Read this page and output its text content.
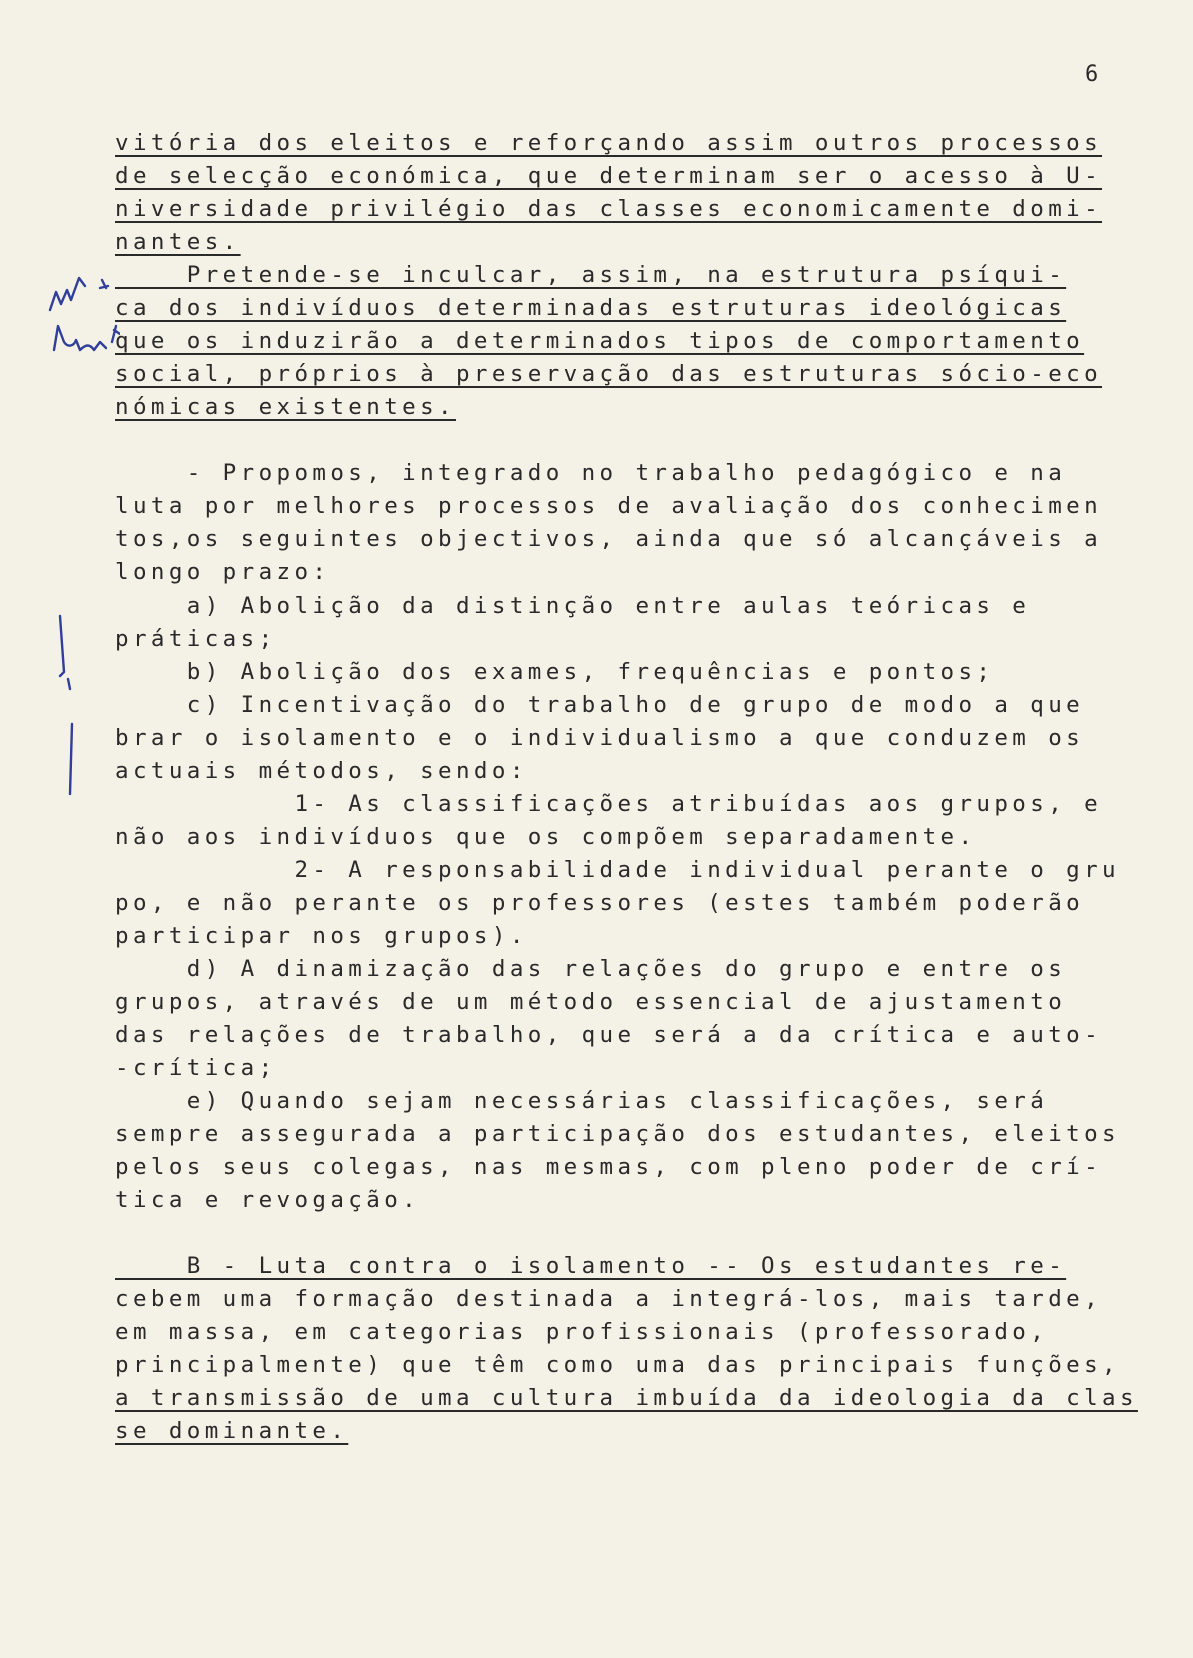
6
vitória dos eleitos e reforçando assim outros processos
de selecção económica, que determinam ser o acesso à U-
niversidade privilégio das classes economicamente domi-
nantes.
Pretende-se inculcar, assim, na estrutura psíqui-
ca dos indivíduos determinadas estruturas ideológicas
que os induzirão a determinados tipos de comportamento
social, próprios à preservação das estruturas sócio-eco
nómicas existentes.
- Propomos, integrado no trabalho pedagógico e na
luta por melhores processos de avaliação dos conhecimen
tos,os seguintes objectivos, ainda que só alcançáveis a
longo prazo:
a) Abolição da distinção entre aulas teóricas e
práticas;
b) Abolição dos exames, frequências e pontos;
c) Incentivação do trabalho de grupo de modo a que
brar o isolamento e o individualismo a que conduzem os
actuais métodos, sendo:
1- As classificações atribuídas aos grupos, e
não aos indivíduos que os compõem separadamente.
2- A responsabilidade individual perante o gru
po, e não perante os professores (estes também poderão
participar nos grupos).
d) A dinamização das relações do grupo e entre os
grupos, através de um método essencial de ajustamento
das relações de trabalho, que será a da crítica e auto-
-crítica;
e) Quando sejam necessárias classificações, será
sempre assegurada a participação dos estudantes, eleitos
pelos seus colegas, nas mesmas, com pleno poder de crí-
tica e revogação.
B - Luta contra o isolamento -- Os estudantes re-
cebem uma formação destinada a integrá-los, mais tarde,
em massa, em categorias profissionais (professorado,
principalmente) que têm como uma das principais funções,
a transmissão de uma cultura imbuída da ideologia da clas
se dominante.
